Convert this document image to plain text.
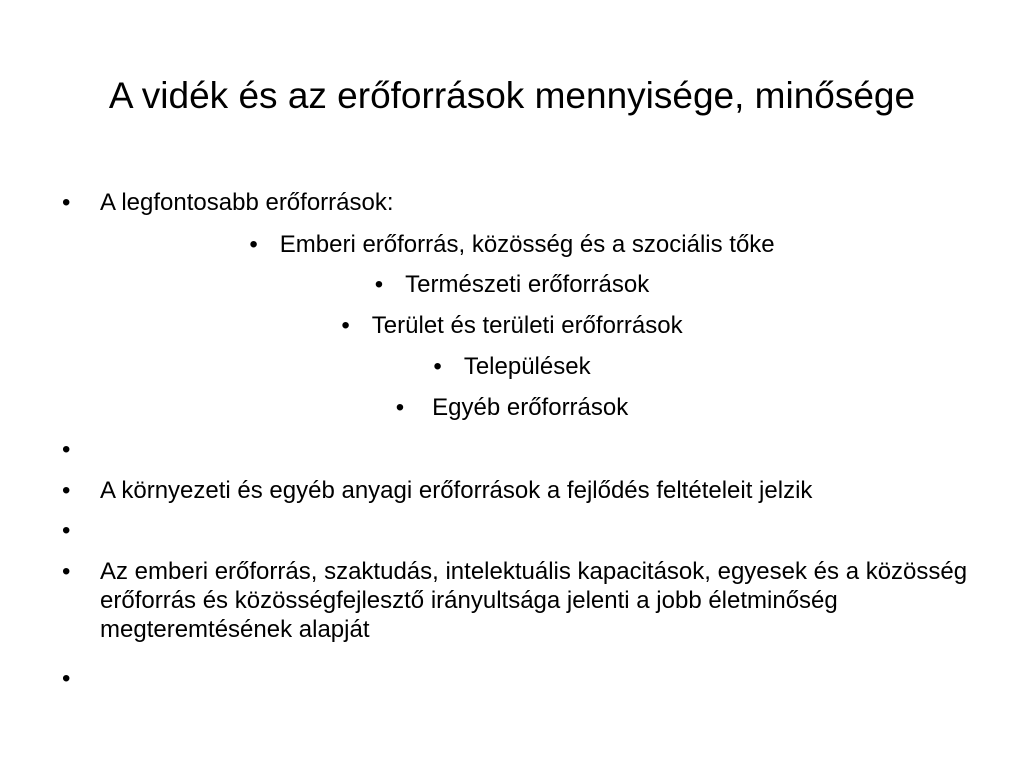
A vidék és az erőforrások mennyisége, minősége
• A legfontosabb erőforrások:
• Emberi erőforrás, közösség és a szociális tőke
• Természeti erőforrások
• Terület és területi erőforrások
• Települések
• Egyéb erőforrások
•
• A környezeti és egyéb anyagi erőforrások a fejlődés feltételeit jelzik
•
• Az emberi erőforrás, szaktudás, intelektuális kapacitások, egyesek és a közösség erőforrás és közösségfejlesztő irányultsága jelenti a jobb életminőség megteremtésének alapját
•
